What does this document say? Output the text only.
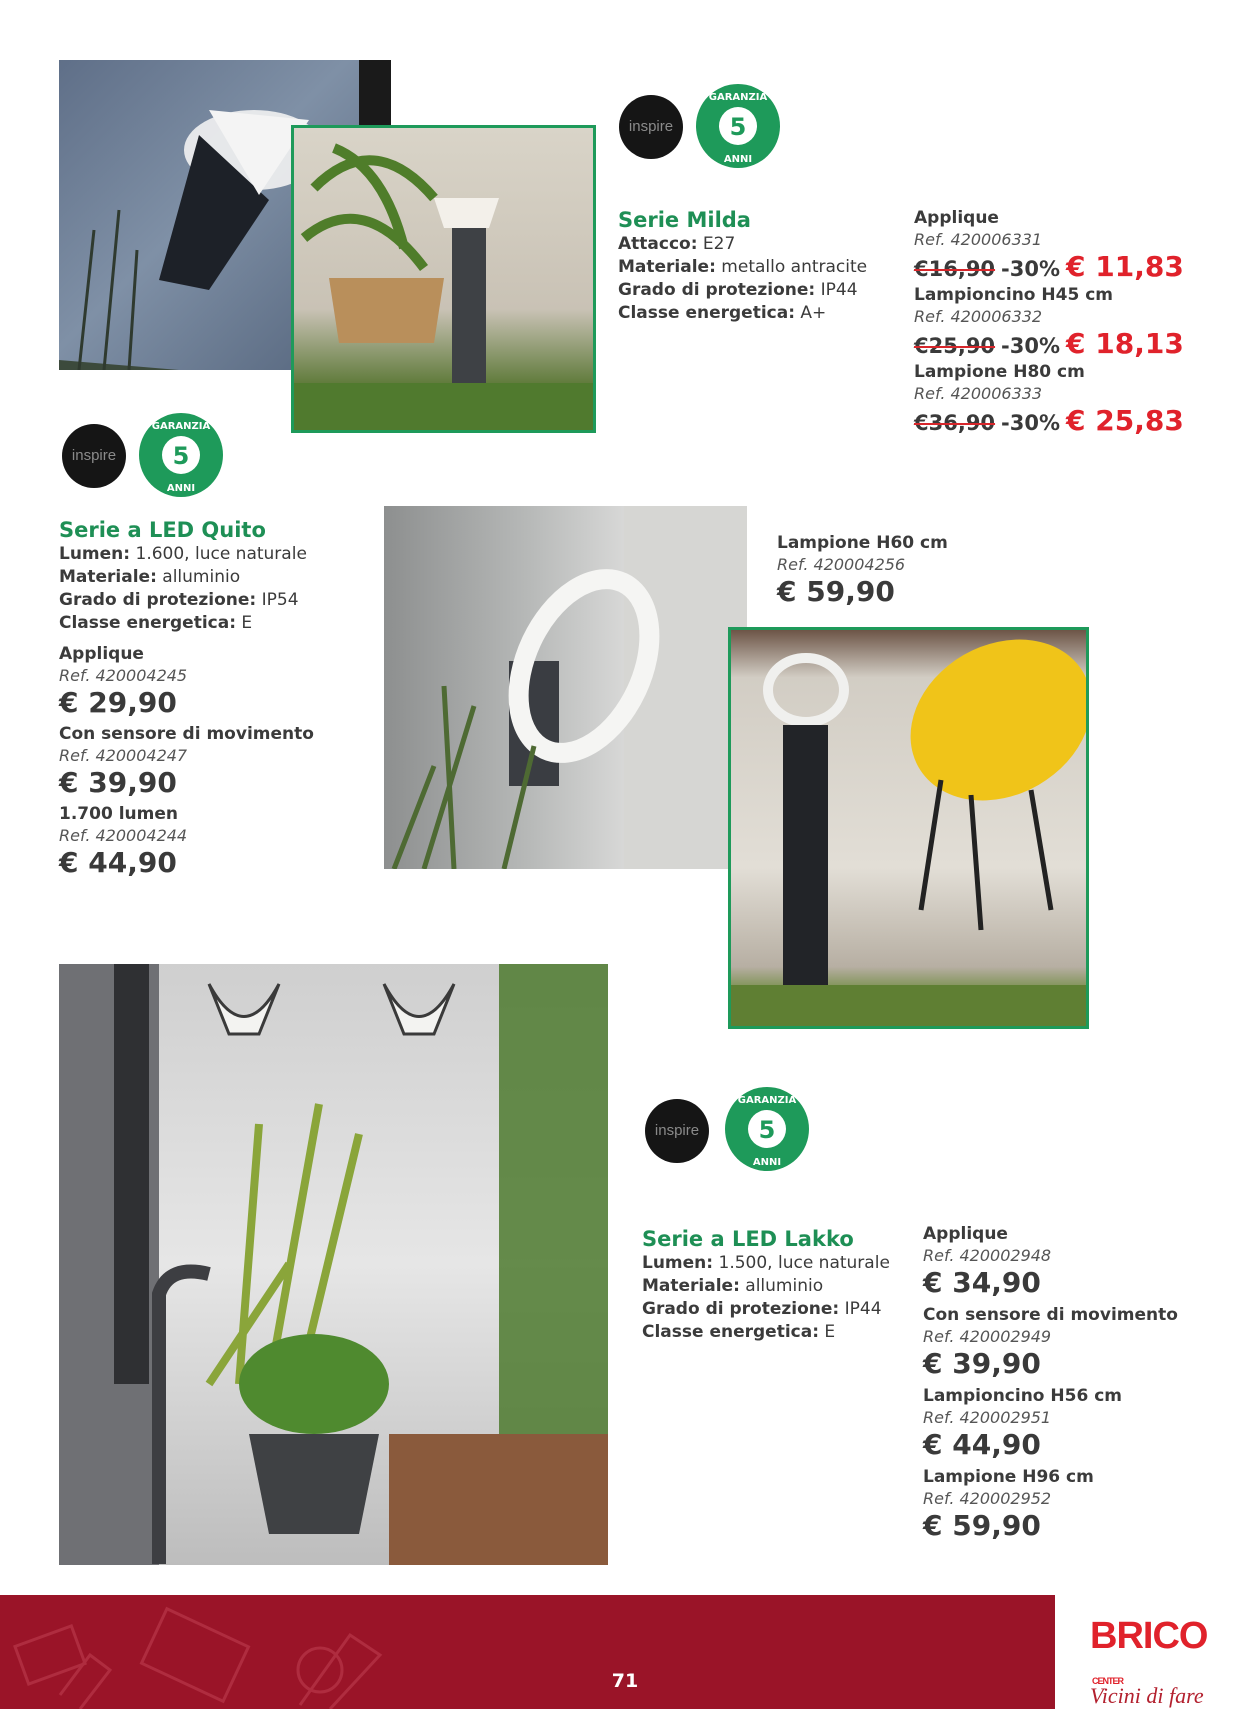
inspire	5
GARANZIA
ANNI
Serie Milda
Attacco: E27
Materiale: metallo antracite
Grado di protezione: IP44
Classe energetica: A+
Applique
Ref. 420006331
€16,90 -30% € 11,83
Lampioncino H45 cm
Ref. 420006332
€25,90 -30% € 18,13
Lampione H80 cm
Ref. 420006333
€36,90 -30% € 25,83
inspire	5
GARANZIA
ANNI
Serie a LED Quito
Lumen: 1.600, luce naturale
Materiale: alluminio
Grado di protezione: IP54
Classe energetica: E
Applique
Ref. 420004245
€ 29,90
Con sensore di movimento
Ref. 420004247
€ 39,90
1.700 lumen
Ref. 420004244
€ 44,90
Lampione H60 cm
Ref. 420004256
€ 59,90
inspire	5
GARANZIA
ANNI
Serie a LED Lakko
Lumen: 1.500, luce naturale
Materiale: alluminio
Grado di protezione: IP44
Classe energetica: E
Applique
Ref. 420002948
€ 34,90
Con sensore di movimento
Ref. 420002949
€ 39,90
Lampioncino H56 cm
Ref. 420002951
€ 44,90
Lampione H96 cm
Ref. 420002952
€ 59,90
71
BRICO CENTER
Vicini di fare
